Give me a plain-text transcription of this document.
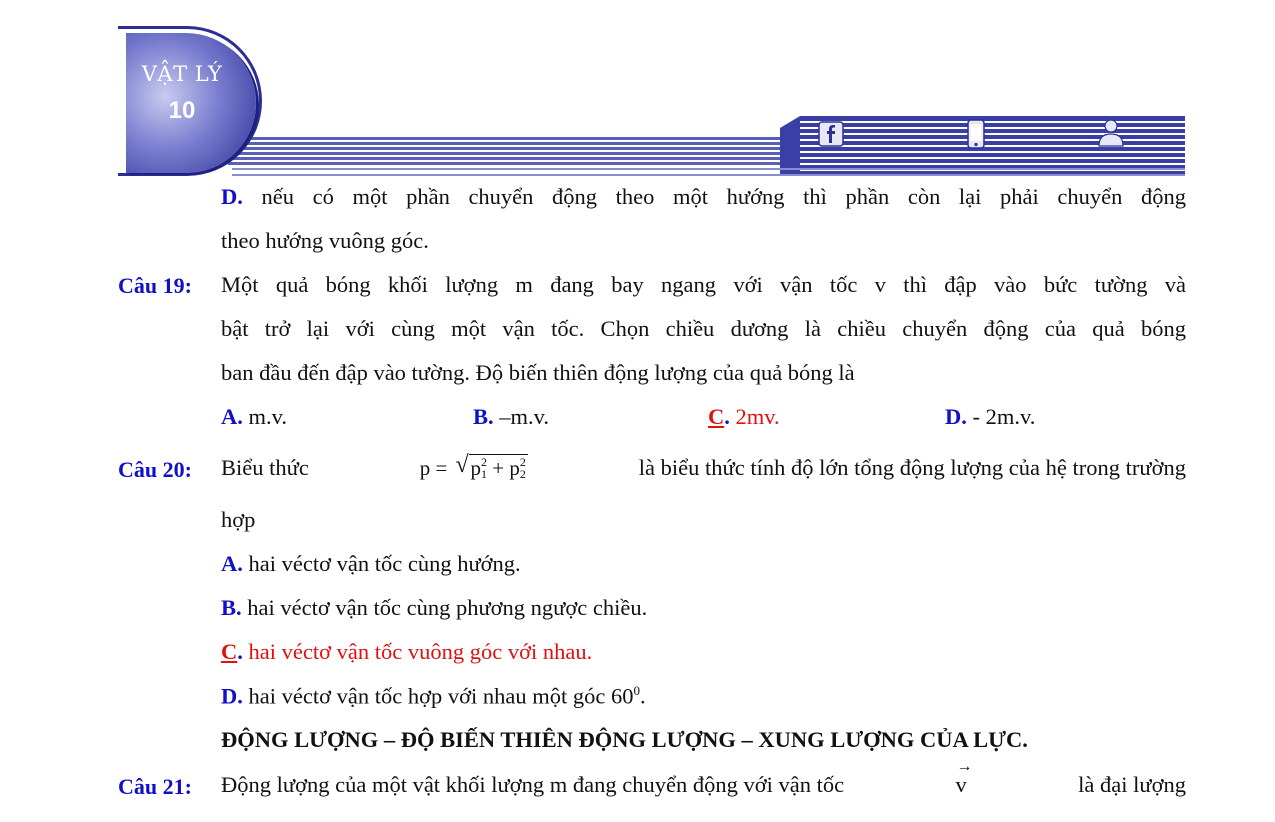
VẬT LÝ
10
D. nếu có một phần chuyển động theo một hướng thì phần còn lại phải chuyển động
theo hướng vuông góc.
Câu 19: Một quả bóng khối lượng m đang bay ngang với vận tốc v thì đập vào bức tường và
bật trở lại với cùng một vận tốc. Chọn chiều dương là chiều chuyển động của quả bóng
ban đầu đến đập vào tường. Độ biến thiên động lượng của quả bóng là
A. m.v.	B. –m.v.	C. 2mv.	D. - 2m.v.
Câu 20: Biểu thức	p = √ $p^2_1 + p^2_2$	là biểu thức tính độ lớn tổng động lượng của hệ trong trường
hợp
A. hai véctơ vận tốc cùng hướng.
B. hai véctơ vận tốc cùng phương ngược chiều.
C. hai véctơ vận tốc vuông góc với nhau.
D. hai véctơ vận tốc hợp với nhau một góc $60^0$.
ĐỘNG LƯỢNG – ĐỘ BIẾN THIÊN ĐỘNG LƯỢNG – XUNG LƯỢNG CỦA LỰC.
Câu 21: Động lượng của một vật khối lượng m đang chuyển động với vận tốc
→
v	là đại lượng
